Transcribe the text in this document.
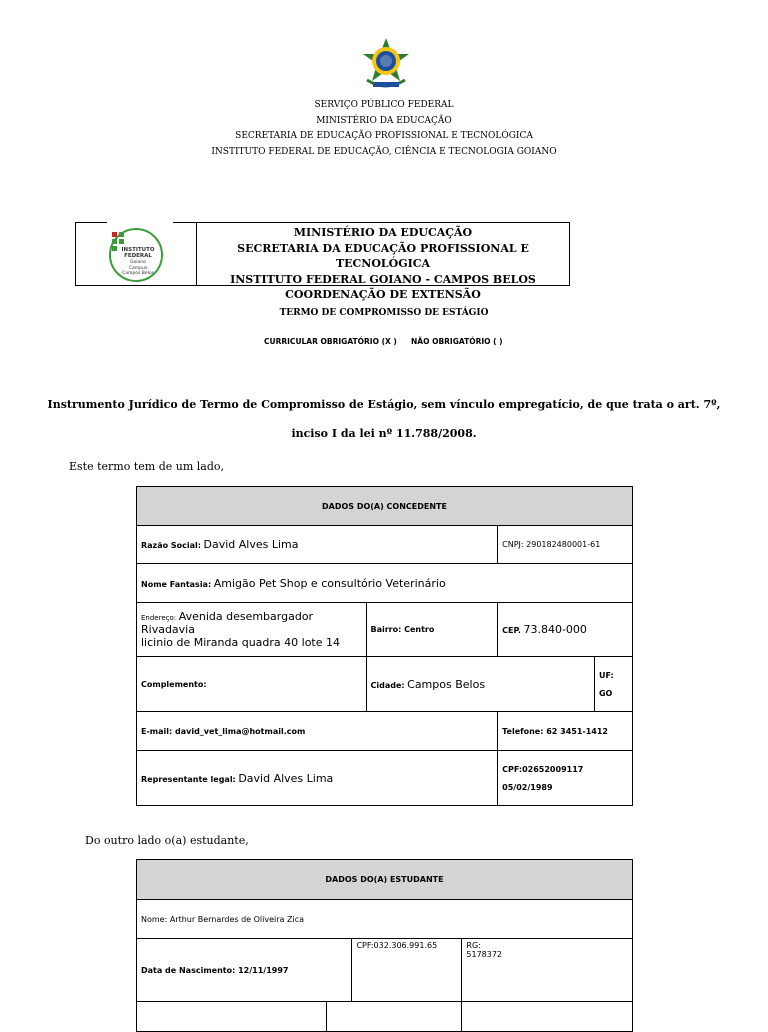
SERVIÇO PÚBLICO FEDERAL
MINISTÉRIO DA EDUCAÇÃO
SECRETARIA DE EDUCAÇÃO PROFISSIONAL E TECNOLÓGICA
INSTITUTO FEDERAL DE EDUCAÇÃO, CIÊNCIA E TECNOLOGIA GOIANO
INSTITUTO
FEDERAL
Goiano
Campus
Campos Belos
MINISTÉRIO DA EDUCAÇÃO
SECRETARIA DA EDUCAÇÃO PROFISSIONAL E TECNOLÓGICA
INSTITUTO FEDERAL GOIANO - CAMPOS BELOS
COORDENAÇÃO DE EXTENSÃO
TERMO DE COMPROMISSO DE ESTÁGIO
CURRICULAR OBRIGATÓRIO (X ) NÃO OBRIGATÓRIO ( )
Instrumento Jurídico de Termo de Compromisso de Estágio, sem vínculo empregatício, de que trata o art. 7º,
inciso I da lei nº 11.788/2008.
Este termo tem de um lado,
DADOS DO(A) CONCEDENTE			
Razão Social: David Alves Lima		CNPJ: 290182480001-61	
Nome Fantasia: Amigão Pet Shop e consultório Veterinário			
Endereço: Avenida desembargador Rivadavia
licinio de Miranda quadra 40 lote 14	Bairro: Centro	CEP. 73.840-000	
Complemento:	Cidade: Campos Belos		UF:

GO
E-mail: david_vet_lima@hotmail.com		Telefone: 62 3451-1412	
Representante legal: David Alves Lima		CPF:02652009117

05/02/1989	
Do outro lado o(a) estudante,
DADOS DO(A) ESTUDANTE			
Nome: Arthur Bernardes de Oliveira Zica			
Data de Nascimento: 12/11/1997		CPF:032.306.991.65	RG:
5178372
